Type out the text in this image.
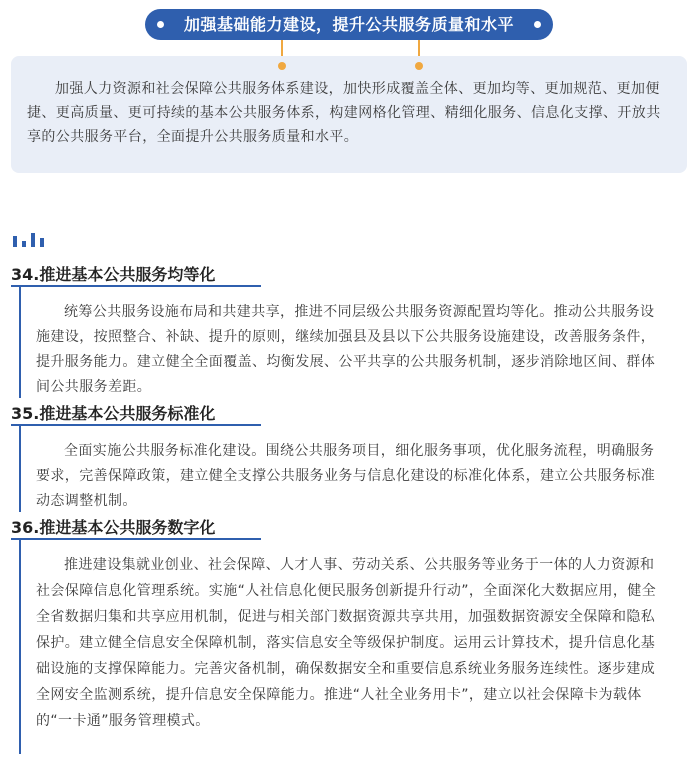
加强基础能力建设，提升公共服务质量和水平

加强人力资源和社会保障公共服务体系建设，加快形成覆盖全体、更加均等、更加规范、更加便捷、更高质量、更可持续的基本公共服务体系，构建网格化管理、精细化服务、信息化支撑、开放共享的公共服务平台，全面提升公共服务质量和水平。

34.推进基本公共服务均等化

统筹公共服务设施布局和共建共享，推进不同层级公共服务资源配置均等化。推动公共服务设施建设，按照整合、补缺、提升的原则，继续加强县及县以下公共服务设施建设，改善服务条件，提升服务能力。建立健全全面覆盖、均衡发展、公平共享的公共服务机制，逐步消除地区间、群体间公共服务差距。

35.推进基本公共服务标准化

全面实施公共服务标准化建设。围绕公共服务项目，细化服务事项，优化服务流程，明确服务要求，完善保障政策，建立健全支撑公共服务业务与信息化建设的标准化体系，建立公共服务标准动态调整机制。

36.推进基本公共服务数字化

推进建设集就业创业、社会保障、人才人事、劳动关系、公共服务等业务于一体的人力资源和社会保障信息化管理系统。实施“人社信息化便民服务创新提升行动”，全面深化大数据应用，健全全省数据归集和共享应用机制，促进与相关部门数据资源共享共用，加强数据资源安全保障和隐私保护。建立健全信息安全保障机制，落实信息安全等级保护制度。运用云计算技术，提升信息化基础设施的支撑保障能力。完善灾备机制，确保数据安全和重要信息系统业务服务连续性。逐步建成全网安全监测系统，提升信息安全保障能力。推进“人社全业务用卡”，建立以社会保障卡为载体的“一卡通”服务管理模式。
